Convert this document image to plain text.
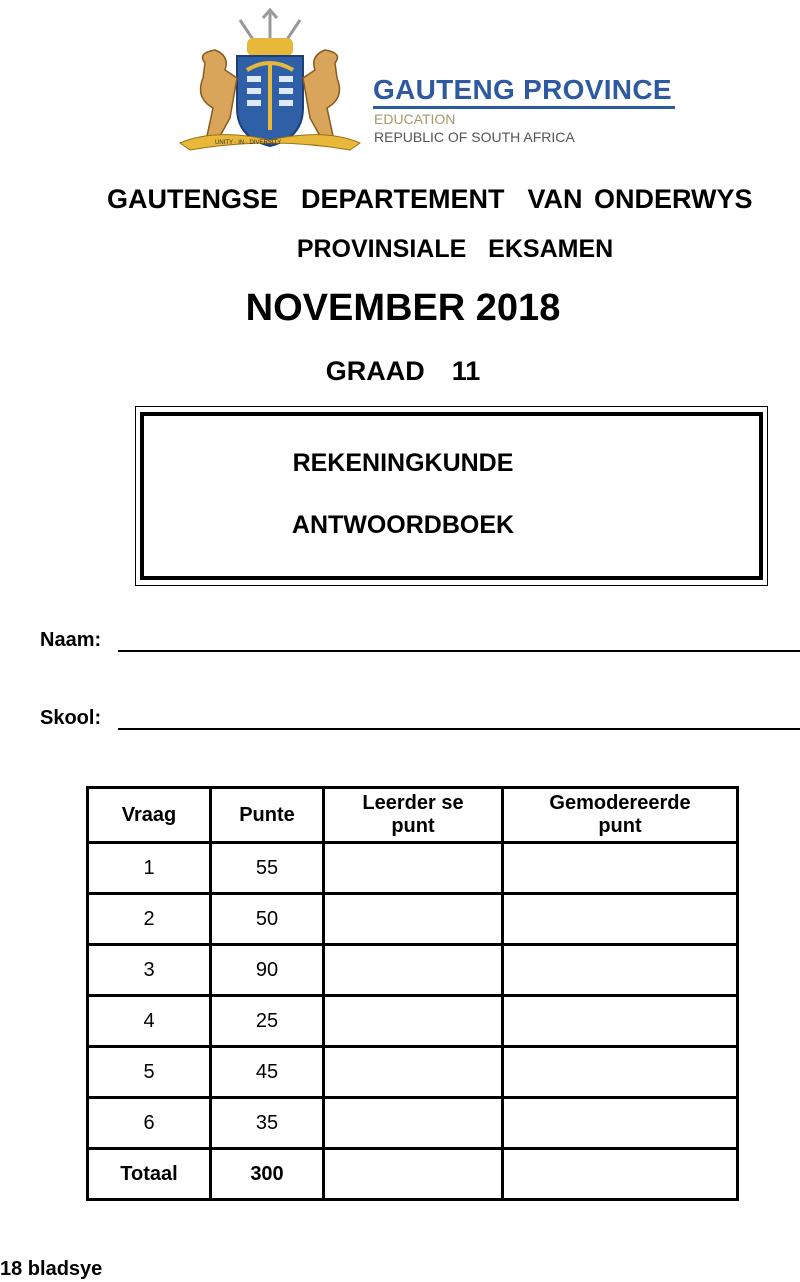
UNITY · IN · DIVERSITY
GAUTENG PROVINCE
EDUCATION
REPUBLIC OF SOUTH AFRICA
GAUTENGSE  DEPARTEMENT  VAN ONDERWYS
PROVINSIALE  EKSAMEN
NOVEMBER 2018
GRAAD  11
REKENINGKUNDE
ANTWOORDBOEK
Naam:
Skool:
Vraag	Punte	Leerder se punt	Gemodereerde punt
1	55		
2	50		
3	90		
4	25		
5	45		
6	35		
Totaal	300		
18 bladsye
